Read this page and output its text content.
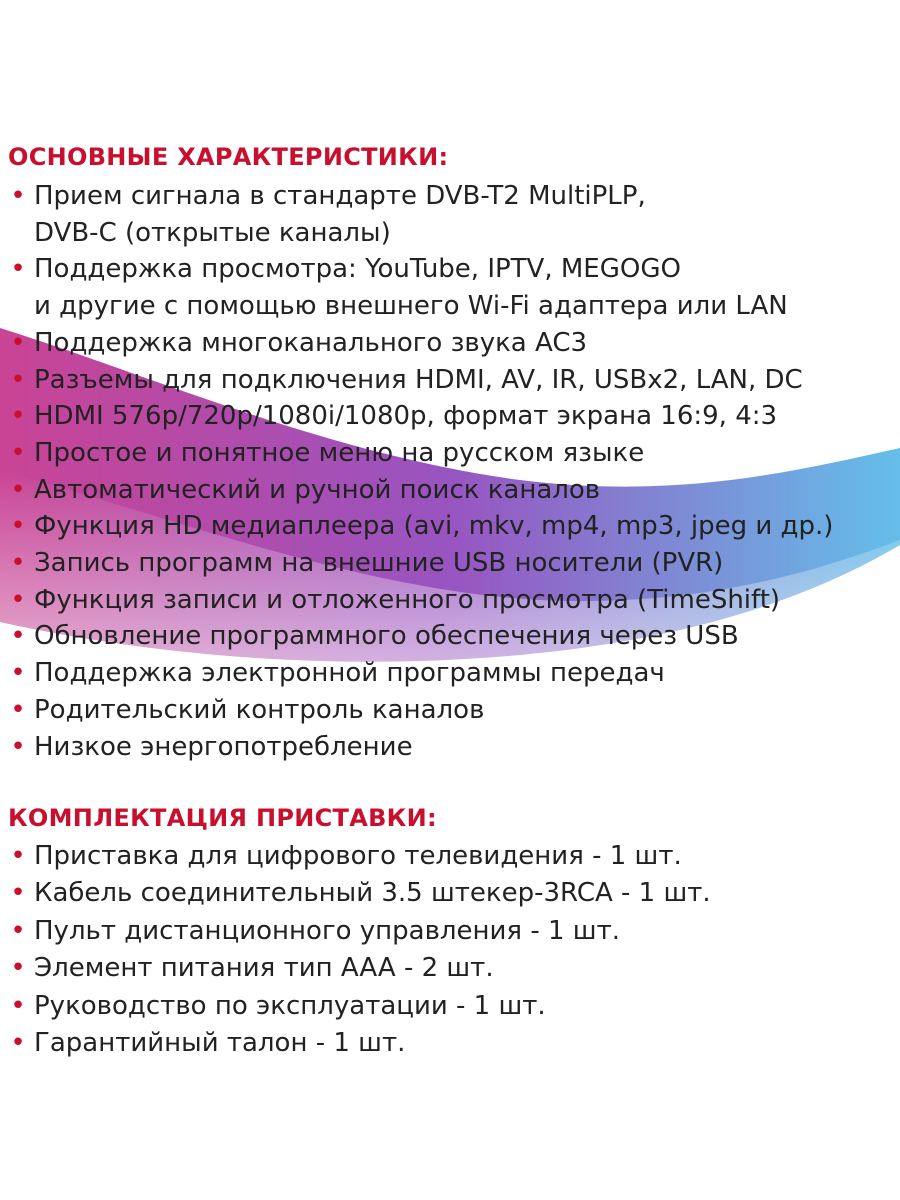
ОСНОВНЫЕ ХАРАКТЕРИСТИКИ:
• Прием сигнала в стандарте DVB-T2 MultiPLP,
DVB-C (открытые каналы)
• Поддержка просмотра: YouTube, IPTV, MEGOGO
и другие с помощью внешнего Wi-Fi адаптера или LAN
• Поддержка многоканального звука AC3
• Разъемы для подключения HDMI, AV, IR, USBx2, LAN, DC
• HDMI 576p/720p/1080i/1080p, формат экрана 16:9, 4:3
• Простое и понятное меню на русском языке
• Автоматический и ручной поиск каналов
• Функция HD медиаплеера (avi, mkv, mp4, mp3, jpeg и др.)
• Запись программ на внешние USB носители (PVR)
• Функция записи и отложенного просмотра (TimeShift)
• Обновление программного обеспечения через USB
• Поддержка электронной программы передач
• Родительский контроль каналов
• Низкое энергопотребление
КОМПЛЕКТАЦИЯ ПРИСТАВКИ:
• Приставка для цифрового телевидения - 1 шт.
• Кабель соединительный 3.5 штекер-3RCA - 1 шт.
• Пульт дистанционного управления - 1 шт.
• Элемент питания тип AAA - 2 шт.
• Руководство по эксплуатации - 1 шт.
• Гарантийный талон - 1 шт.
